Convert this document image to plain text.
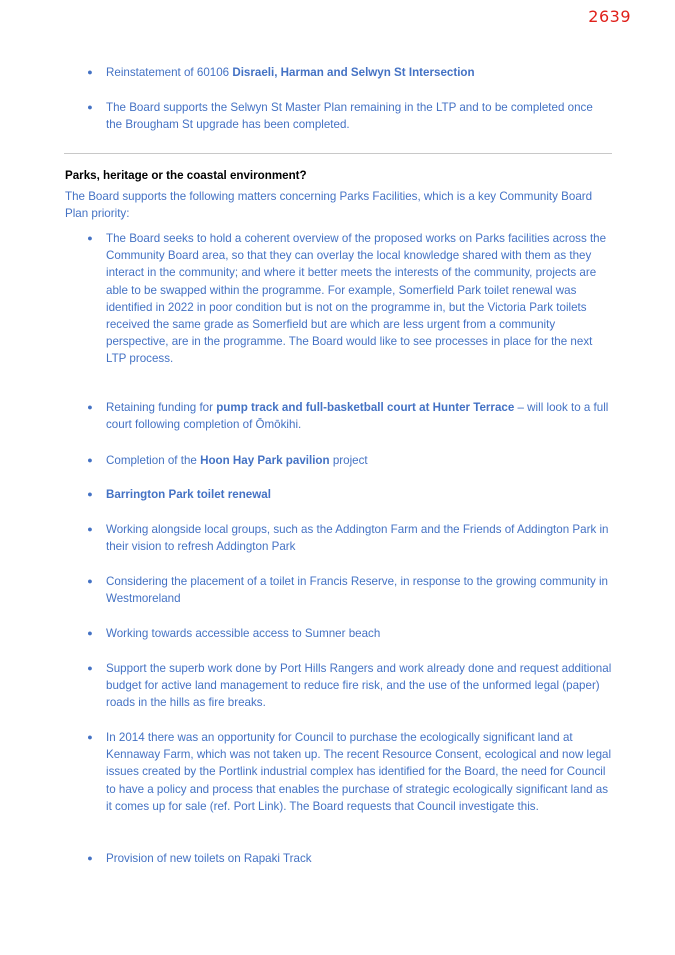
2639
● Reinstatement of 60106 Disraeli, Harman and Selwyn St Intersection
● The Board supports the Selwyn St Master Plan remaining in the LTP and to be completed once the Brougham St upgrade has been completed.
Parks, heritage or the coastal environment?
The Board supports the following matters concerning Parks Facilities, which is a key Community Board Plan priority:
● The Board seeks to hold a coherent overview of the proposed works on Parks facilities across the Community Board area, so that they can overlay the local knowledge shared with them as they interact in the community; and where it better meets the interests of the community, projects are able to be swapped within the programme. For example, Somerfield Park toilet renewal was identified in 2022 in poor condition but is not on the programme in, but the Victoria Park toilets received the same grade as Somerfield but are which are less urgent from a community perspective, are in the programme. The Board would like to see processes in place for the next LTP process.
● Retaining funding for pump track and full-basketball court at Hunter Terrace – will look to a full court following completion of Ōmōkihi.
● Completion of the Hoon Hay Park pavilion project
● Barrington Park toilet renewal
● Working alongside local groups, such as the Addington Farm and the Friends of Addington Park in their vision to refresh Addington Park
● Considering the placement of a toilet in Francis Reserve, in response to the growing community in Westmoreland
● Working towards accessible access to Sumner beach
● Support the superb work done by Port Hills Rangers and work already done and request additional budget for active land management to reduce fire risk, and the use of the unformed legal (paper) roads in the hills as fire breaks.
● In 2014 there was an opportunity for Council to purchase the ecologically significant land at Kennaway Farm, which was not taken up. The recent Resource Consent, ecological and now legal issues created by the Portlink industrial complex has identified for the Board, the need for Council to have a policy and process that enables the purchase of strategic ecologically significant land as it comes up for sale (ref. Port Link). The Board requests that Council investigate this.
● Provision of new toilets on Rapaki Track
